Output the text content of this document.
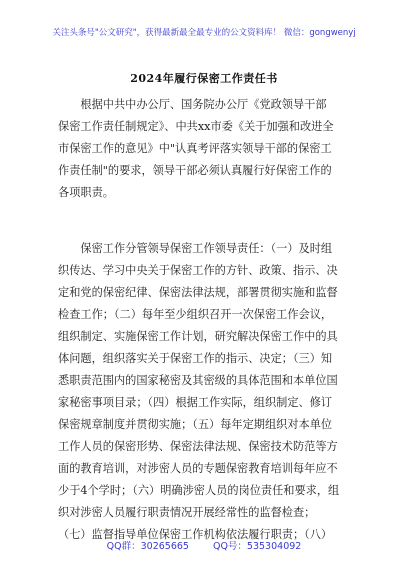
关注头条号"公文研究"，获得最新最全最专业的公文资料库！ 微信：gongwenyj
2024年履行保密工作责任书
　　根据中共中办公厅、国务院办公厅《党政领导干部
保密工作责任制规定》、中共xx市委《关于加强和改进全
市保密工作的意见》中"认真考评落实领导干部的保密工
作责任制"的要求，领导干部必须认真履行好保密工作的
各项职责。
　　保密工作分管领导保密工作领导责任：（一）及时组
织传达、学习中央关于保密工作的方针、政策、指示、决
定和党的保密纪律、保密法律法规，部署贯彻实施和监督
检查工作；（二）每年至少组织召开一次保密工作会议，
组织制定、实施保密工作计划，研究解决保密工作中的具
体问题，组织落实关于保密工作的指示、决定；（三）知
悉职责范围内的国家秘密及其密级的具体范围和本单位国
家秘密事项目录；（四）根据工作实际，组织制定、修订
保密规章制度并贯彻实施；（五）每年定期组织对本单位
工作人员的保密形势、保密法律法规、保密技术防范等方
面的教育培训，对涉密人员的专题保密教育培训每年应不
少于4个学时；（六）明确涉密人员的岗位责任和要求，组
织对涉密人员履行职责情况开展经常性的监督检查；
（七）监督指导单位保密工作机构依法履行职责；（八）
QQ群：30265665	QQ号：535304092
